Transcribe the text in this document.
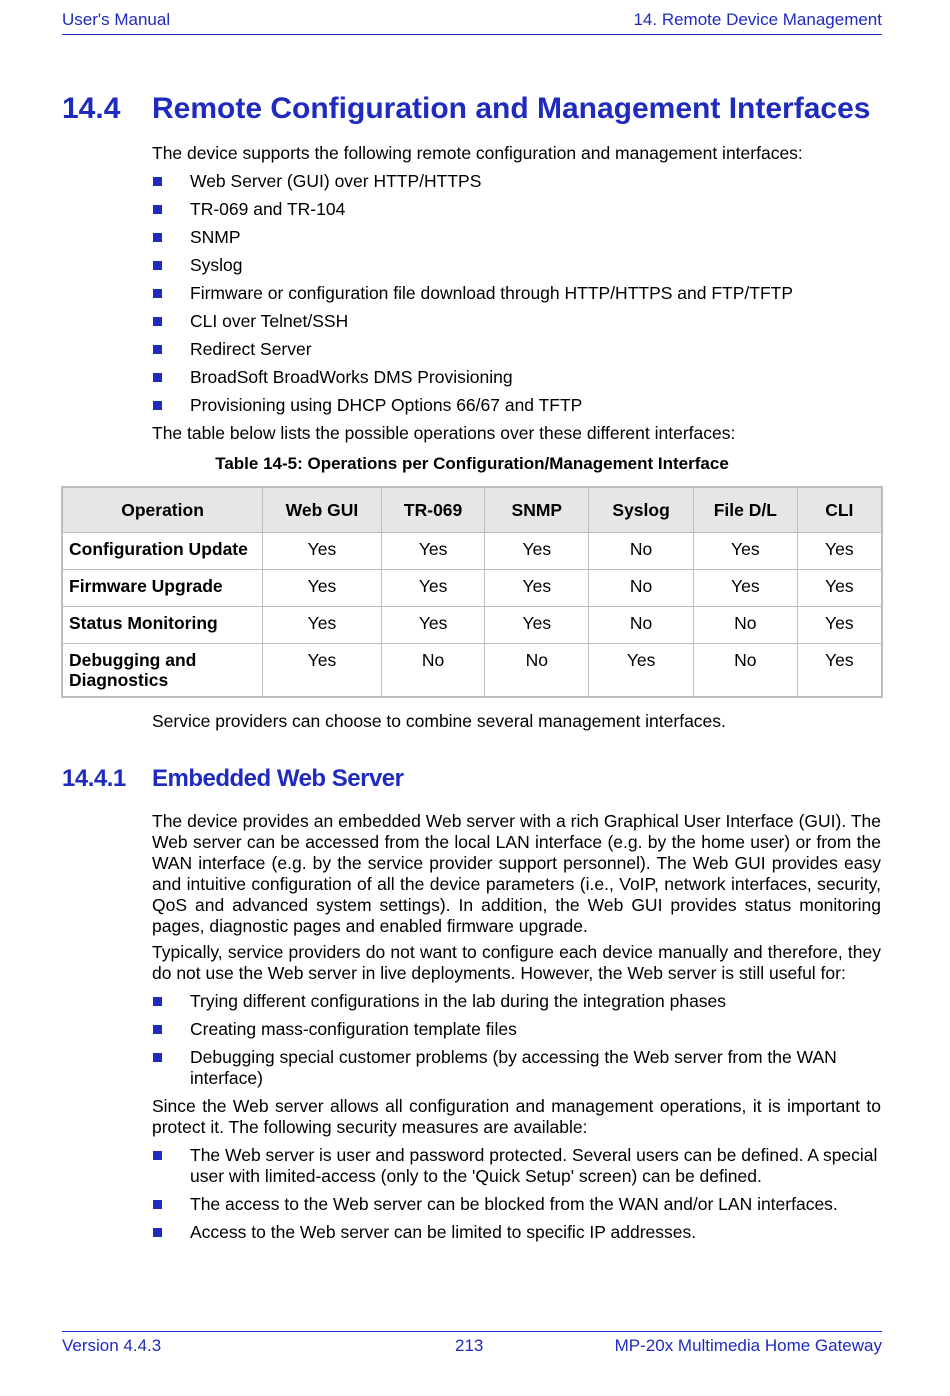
User's Manual	14. Remote Device Management
14.4 Remote Configuration and Management Interfaces
The device supports the following remote configuration and management interfaces:
Web Server (GUI) over HTTP/HTTPS
TR-069 and TR-104
SNMP
Syslog
Firmware or configuration file download through HTTP/HTTPS and FTP/TFTP
CLI over Telnet/SSH
Redirect Server
BroadSoft BroadWorks DMS Provisioning
Provisioning using DHCP Options 66/67 and TFTP
The table below lists the possible operations over these different interfaces:
Table 14-5: Operations per Configuration/Management Interface
Operation	Web GUI	TR-069	SNMP	Syslog	File D/L	CLI
Configuration Update	Yes	Yes	Yes	No	Yes	Yes
Firmware Upgrade	Yes	Yes	Yes	No	Yes	Yes
Status Monitoring	Yes	Yes	Yes	No	No	Yes
Debugging and Diagnostics	Yes	No	No	Yes	No	Yes
Service providers can choose to combine several management interfaces.
14.4.1 Embedded Web Server
The device provides an embedded Web server with a rich Graphical User Interface (GUI). The Web server can be accessed from the local LAN interface (e.g. by the home user) or from the WAN interface (e.g. by the service provider support personnel). The Web GUI provides easy and intuitive configuration of all the device parameters (i.e., VoIP, network interfaces, security, QoS and advanced system settings). In addition, the Web GUI provides status monitoring pages, diagnostic pages and enabled firmware upgrade.
Typically, service providers do not want to configure each device manually and therefore, they do not use the Web server in live deployments. However, the Web server is still useful for:
Trying different configurations in the lab during the integration phases
Creating mass-configuration template files
Debugging special customer problems (by accessing the Web server from the WAN interface)
Since the Web server allows all configuration and management operations, it is important to protect it. The following security measures are available:
The Web server is user and password protected. Several users can be defined. A special user with limited-access (only to the 'Quick Setup' screen) can be defined.
The access to the Web server can be blocked from the WAN and/or LAN interfaces.
Access to the Web server can be limited to specific IP addresses.
Version 4.4.3	213	MP-20x Multimedia Home Gateway
